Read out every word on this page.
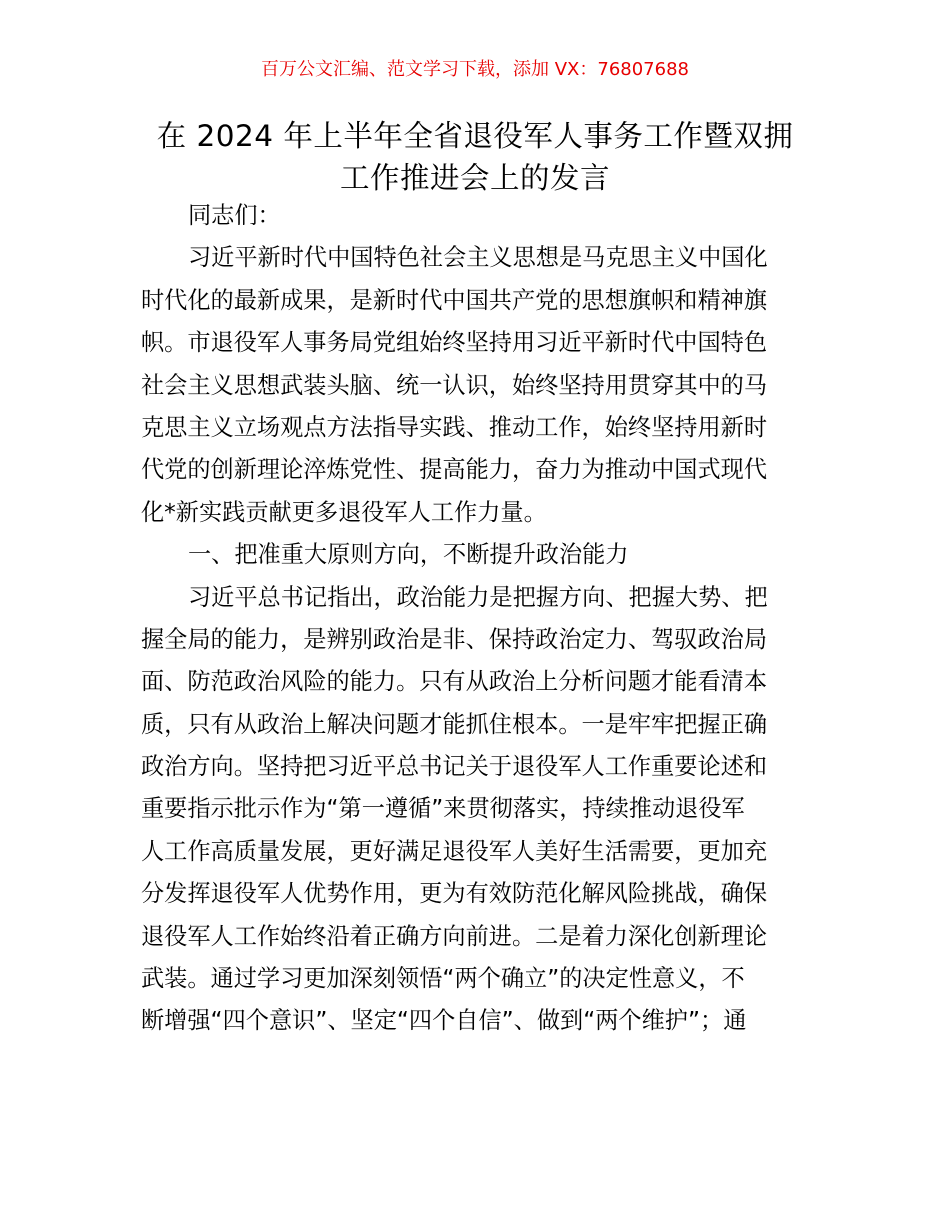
百万公文汇编、范文学习下载，添加 VX：76807688
在 2024 年上半年全省退役军人事务工作暨双拥
工作推进会上的发言
同志们：
习近平新时代中国特色社会主义思想是马克思主义中国化
时代化的最新成果，是新时代中国共产党的思想旗帜和精神旗
帜。市退役军人事务局党组始终坚持用习近平新时代中国特色
社会主义思想武装头脑、统一认识，始终坚持用贯穿其中的马
克思主义立场观点方法指导实践、推动工作，始终坚持用新时
代党的创新理论淬炼党性、提高能力，奋力为推动中国式现代
化*新实践贡献更多退役军人工作力量。
一、把准重大原则方向，不断提升政治能力
习近平总书记指出，政治能力是把握方向、把握大势、把
握全局的能力，是辨别政治是非、保持政治定力、驾驭政治局
面、防范政治风险的能力。只有从政治上分析问题才能看清本
质，只有从政治上解决问题才能抓住根本。一是牢牢把握正确
政治方向。坚持把习近平总书记关于退役军人工作重要论述和
重要指示批示作为“第一遵循”来贯彻落实，持续推动退役军
人工作高质量发展，更好满足退役军人美好生活需要，更加充
分发挥退役军人优势作用，更为有效防范化解风险挑战，确保
退役军人工作始终沿着正确方向前进。二是着力深化创新理论
武装。通过学习更加深刻领悟“两个确立”的决定性意义，不
断增强“四个意识”、坚定“四个自信”、做到“两个维护”；通
